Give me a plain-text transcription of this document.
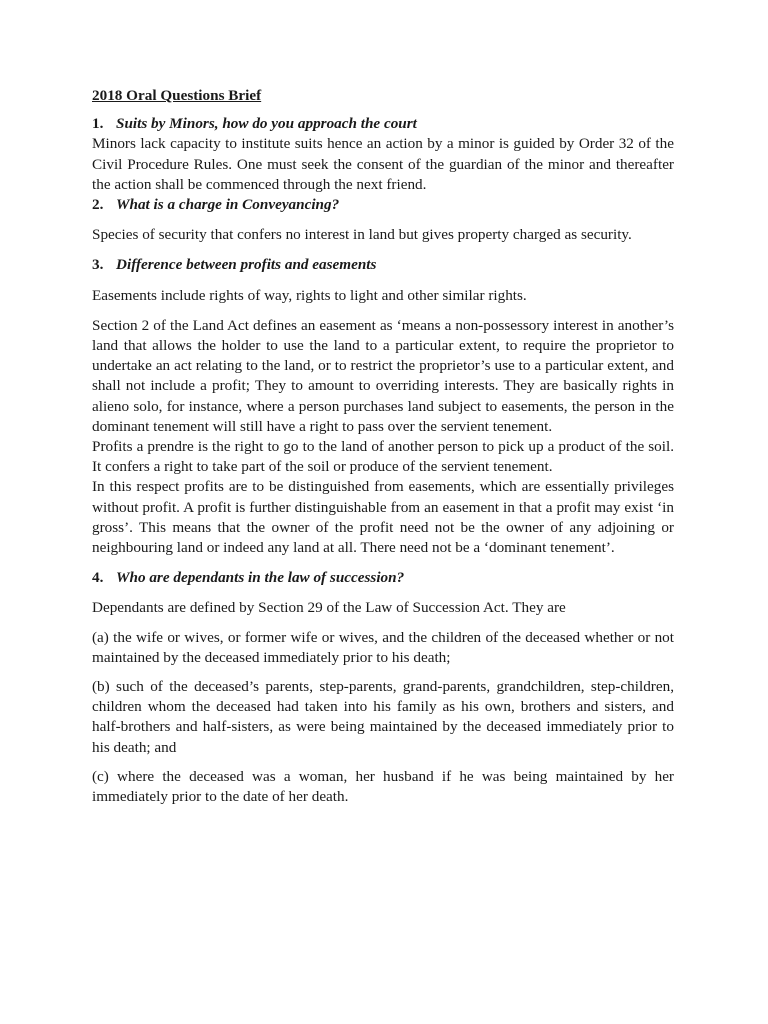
2018 Oral Questions Brief
1. Suits by Minors, how do you approach the court

Minors lack capacity to institute suits hence an action by a minor is guided by Order 32 of the Civil Procedure Rules. One must seek the consent of the guardian of the minor and thereafter the action shall be commenced through the next friend.

2. What is a charge in Conveyancing?

Species of security that confers no interest in land but gives property charged as security.

3. Difference between profits and easements

Easements include rights of way, rights to light and other similar rights.

Section 2 of the Land Act defines an easement as ‘means a non-possessory interest in another’s land that allows the holder to use the land to a particular extent, to require the proprietor to undertake an act relating to the land, or to restrict the proprietor’s use to a particular extent, and shall not include a profit; They to amount to overriding interests. They are basically rights in alieno solo, for instance, where a person purchases land subject to easements, the person in the dominant tenement will still have a right to pass over the servient tenement.

Profits a prendre is the right to go to the land of another person to pick up a product of the soil. It confers a right to take part of the soil or produce of the servient tenement.

In this respect profits are to be distinguished from easements, which are essentially privileges without profit. A profit is further distinguishable from an easement in that a profit may exist ‘in gross’. This means that the owner of the profit need not be the owner of any adjoining or neighbouring land or indeed any land at all. There need not be a ‘dominant tenement’.

4. Who are dependants in the law of succession?

Dependants are defined by Section 29 of the Law of Succession Act. They are

(a) the wife or wives, or former wife or wives, and the children of the deceased whether or not maintained by the deceased immediately prior to his death;

(b) such of the deceased’s parents, step-parents, grand-parents, grandchildren, step-children, children whom the deceased had taken into his family as his own, brothers and sisters, and half-brothers and half-sisters, as were being maintained by the deceased immediately prior to his death; and

(c) where the deceased was a woman, her husband if he was being maintained by her immediately prior to the date of her death.
